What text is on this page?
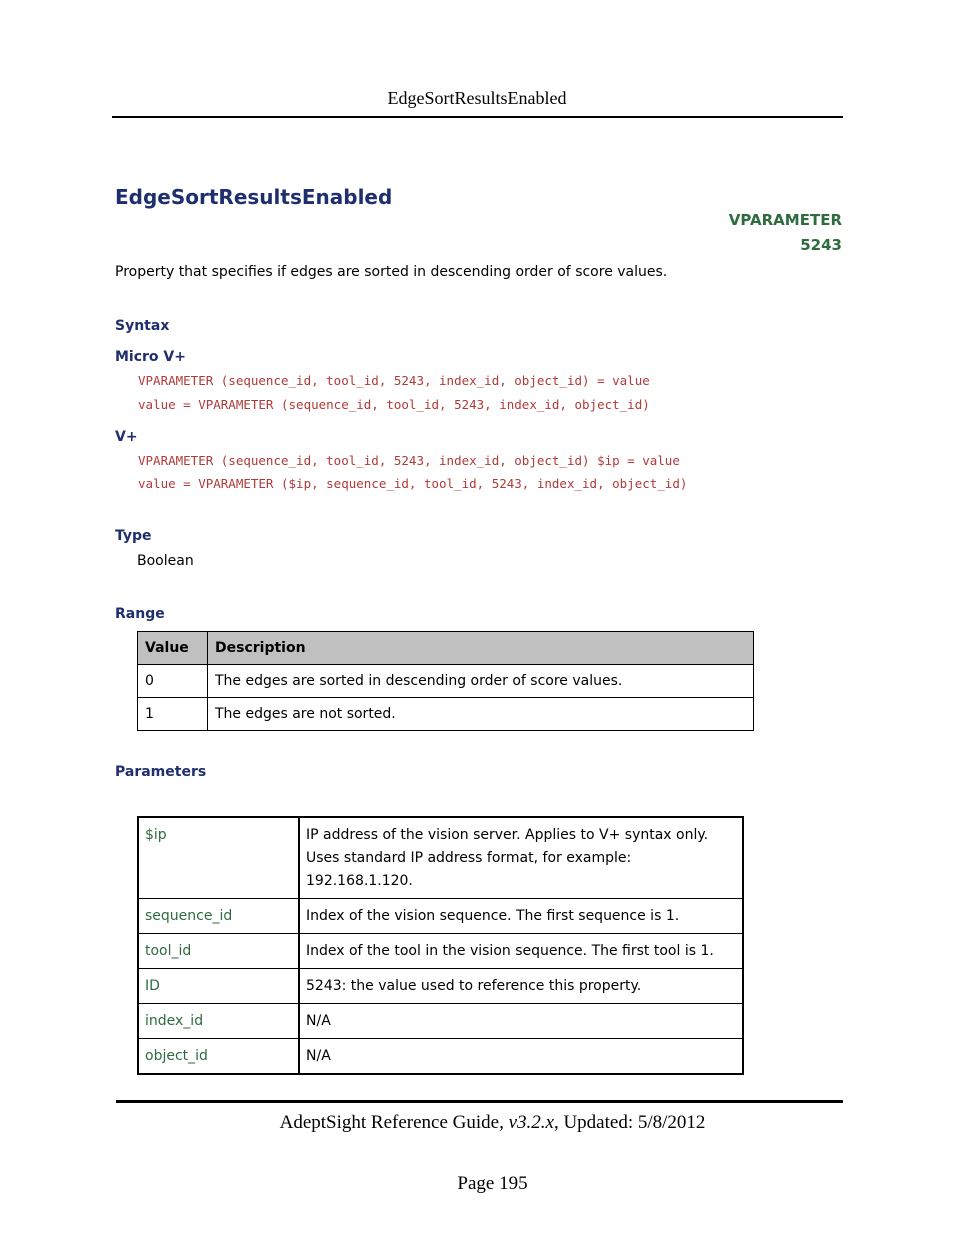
EdgeSortResultsEnabled
EdgeSortResultsEnabled
VPARAMETER
5243
Property that specifies if edges are sorted in descending order of score values.
Syntax
Micro V+
VPARAMETER (sequence_id, tool_id, 5243, index_id, object_id) = value
value = VPARAMETER (sequence_id, tool_id, 5243, index_id, object_id)
V+
VPARAMETER (sequence_id, tool_id, 5243, index_id, object_id) $ip = value
value = VPARAMETER ($ip, sequence_id, tool_id, 5243, index_id, object_id)
Type
Boolean
Range
Value	Description
0	The edges are sorted in descending order of score values.
1	The edges are not sorted.
Parameters
$ip	IP address of the vision server. Applies to V+ syntax only. Uses standard IP address format, for example: 192.168.1.120.
sequence_id	Index of the vision sequence. The first sequence is 1.
tool_id	Index of the tool in the vision sequence. The first tool is 1.
ID	5243: the value used to reference this property.
index_id	N/A
object_id	N/A
AdeptSight Reference Guide, v3.2.x, Updated: 5/8/2012
Page 195
